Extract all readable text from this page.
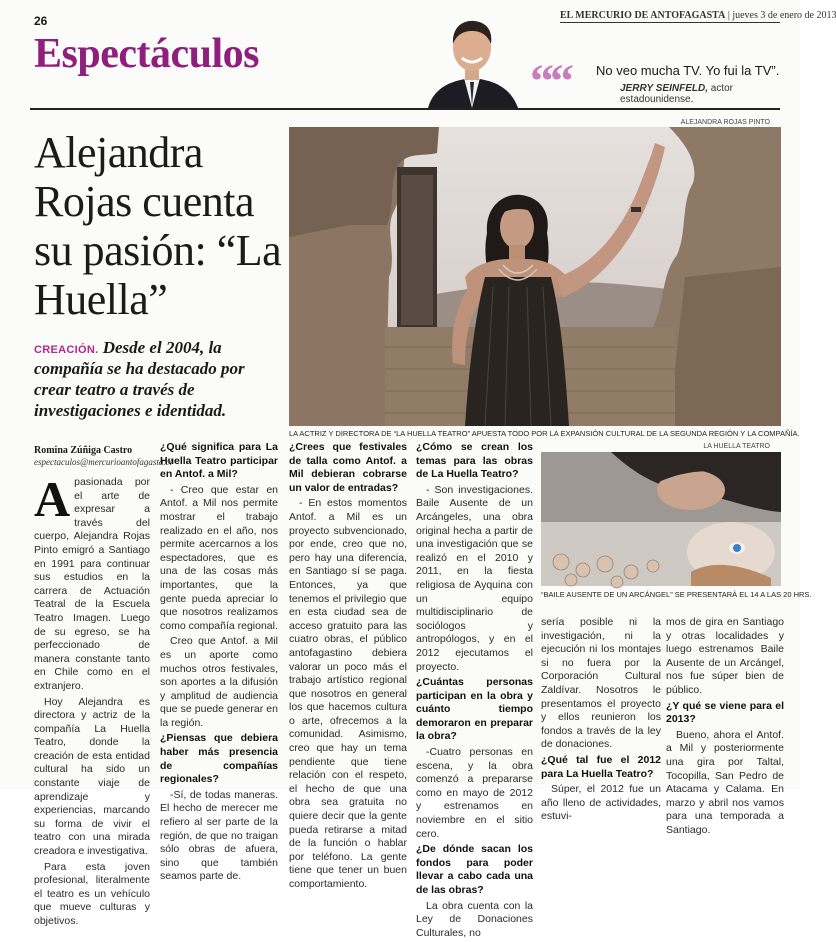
26
Espectáculos
EL MERCURIO DE ANTOFAGASTA | jueves 3 de enero de 2013
““ No veo mucha TV. Yo fui la TV”.
JERRY SEINFELD, actor estadounidense.
Alejandra Rojas cuenta su pasión: “La Huella”
CREACIÓN. Desde el 2004, la compañía se ha destacado por crear teatro a través de investigaciones e identidad.
ALEJANDRA ROJAS PINTO
LA ACTRIZ Y DIRECTORA DE “LA HUELLA TEATRO” APUESTA TODO POR LA EXPANSIÓN CULTURAL DE LA SEGUNDA REGIÓN Y LA COMPAÑÍA.
Romina Zúñiga Castro
espectaculos@mercurioantofagasta.cl

Apasionada por el arte de expresar a través del cuerpo, Alejandra Rojas Pinto emigró a Santiago en 1991 para continuar sus estudios en la carrera de Actuación Teatral de la Escuela Teatro Imagen. Luego de su egreso, se ha perfeccionado de manera constante tanto en Chile como en el extranjero.

Hoy Alejandra es directora y actriz de la compañía La Huella Teatro, donde la creación de esta entidad cultural ha sido un constante viaje de aprendizaje y experiencias, marcando su forma de vivir el teatro con una mirada creadora e investigativa.

Para esta joven profesional, literalmente el teatro es un vehículo que mueve culturas y objetivos.

¿Qué significa para La Huella Teatro participar en Antof. a Mil?

- Creo que estar en Antof. a Mil nos permite mostrar el trabajo realizado en el año, nos permite acercarnos a los espectadores, que es una de las cosas más importantes, que la gente pueda apreciar lo que nosotros realizamos como compañía regional.

Creo que Antof. a Mil es un aporte como muchos otros festivales, son aportes a la difusión y amplitud de audiencia que se puede generar en la región.

¿Piensas que debiera haber más presencia de compañías regionales?

-Sí, de todas maneras. El hecho de merecer me refiero al ser parte de la región, de que no traigan sólo obras de afuera, sino que también seamos parte de.

¿Crees que festivales de talla como Antof. a Mil debieran cobrarse un valor de entradas?

- En estos momentos Antof. a Mil es un proyecto subvencionado, por ende, creo que no, pero hay una diferencia, en Santiago sí se paga. Entonces, ya que tenemos el privilegio que en esta ciudad sea de acceso gratuito para las cuatro obras, el público antofagastino debiera valorar un poco más el trabajo artístico regional que nosotros en general los que hacemos cultura o arte, ofrecemos a la comunidad. Asimismo, creo que hay un tema pendiente que tiene relación con el respeto, el hecho de que una obra sea gratuita no quiere decir que la gente pueda retirarse a mitad de la función o hablar por teléfono. La gente tiene que tener un buen comportamiento.

¿Cómo se crean los temas para las obras de La Huella Teatro?

- Son investigaciones. Baile Ausente de un Arcángeles, una obra original hecha a partir de una investigación que se realizó en el 2010 y 2011, en la fiesta religiosa de Ayquina con un equipo multidisciplinario de sociólogos y antropólogos, y en el 2012 ejecutamos el proyecto.

¿Cuántas personas participan en la obra y cuánto tiempo demoraron en preparar la obra?

-Cuatro personas en escena, y la obra comenzó a prepararse como en mayo de 2012 y estrenamos en noviembre en el sitio cero.

¿De dónde sacan los fondos para poder llevar a cabo cada una de las obras?

La obra cuenta con la Ley de Donaciones Culturales, no

LA HUELLA TEATRO
“BAILE AUSENTE DE UN ARCÁNGEL” SE PRESENTARÁ EL 14 A LAS 20 HRS.

sería posible ni la investigación, ni la ejecución ni los montajes si no fuera por la Corporación Cultural Zaldívar. Nosotros le presentamos el proyecto y ellos reunieron los fondos a través de la ley de donaciones.

¿Qué tal fue el 2012 para La Huella Teatro?

Súper, el 2012 fue un año lleno de actividades, estuvi-

mos de gira en Santiago y otras localidades y luego estrenamos Baile Ausente de un Arcángel, nos fue súper bien de público.

¿Y qué se viene para el 2013?

Bueno, ahora el Antof. a Mil y posteriormente una gira por Taltal, Tocopilla, San Pedro de Atacama y Calama. En marzo y abril nos vamos para una temporada a Santiago.
